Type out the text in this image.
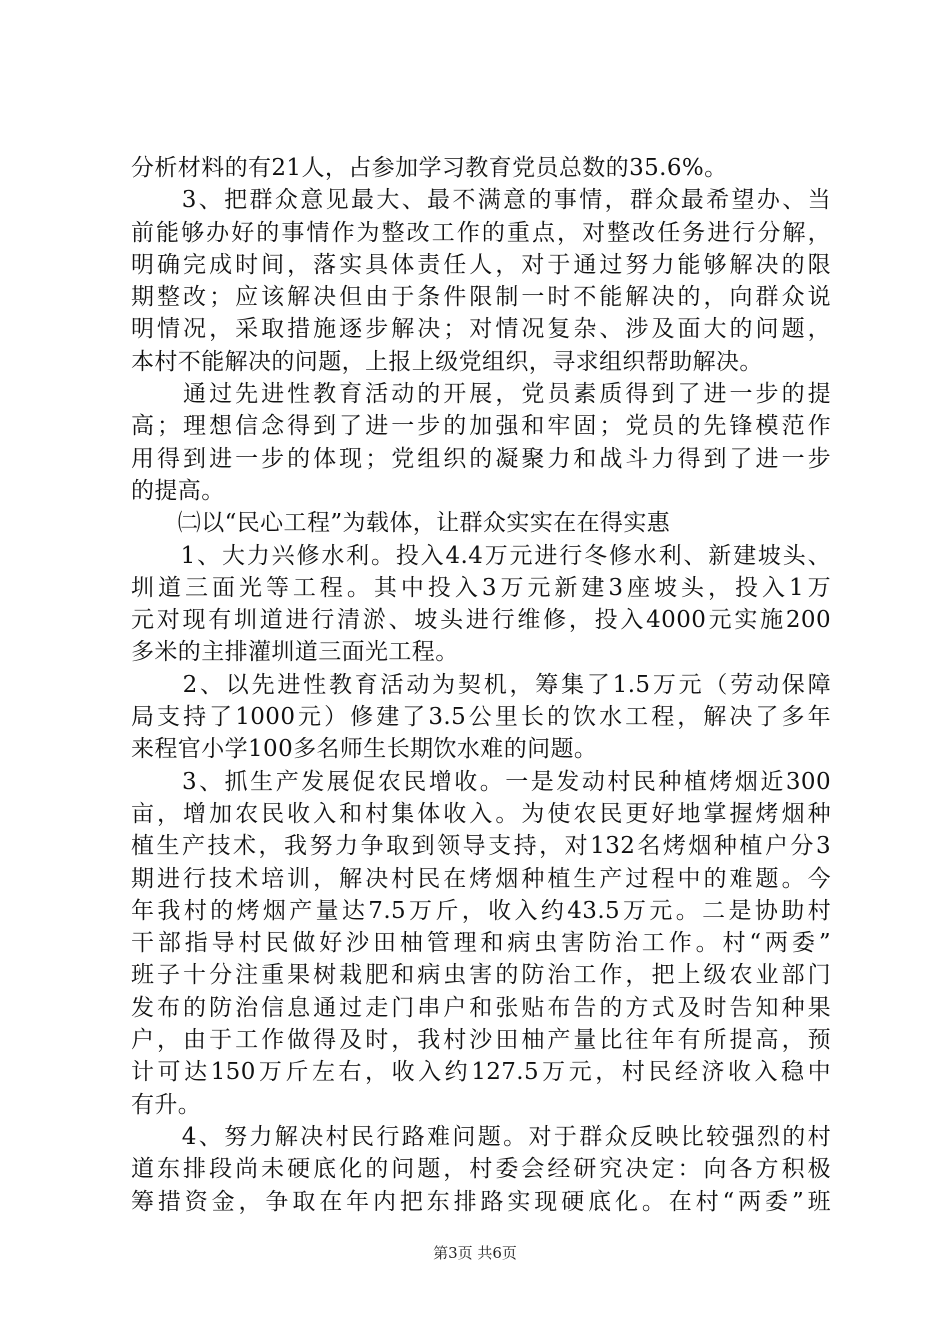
分析材料的有21人，占参加学习教育党员总数的35.6%。
　　3、把群众意见最大、最不满意的事情，群众最希望办、当
前能够办好的事情作为整改工作的重点，对整改任务进行分解，
明确完成时间，落实具体责任人，对于通过努力能够解决的限
期整改；应该解决但由于条件限制一时不能解决的，向群众说
明情况，采取措施逐步解决；对情况复杂、涉及面大的问题，
本村不能解决的问题，上报上级党组织，寻求组织帮助解决。
　　通过先进性教育活动的开展，党员素质得到了进一步的提
高；理想信念得到了进一步的加强和牢固；党员的先锋模范作
用得到进一步的体现；党组织的凝聚力和战斗力得到了进一步
的提高。
　　㈡以“民心工程”为载体，让群众实实在在得实惠
　　1、大力兴修水利。投入4.4万元进行冬修水利、新建坡头、
圳道三面光等工程。其中投入3万元新建3座坡头，投入1万
元对现有圳道进行清淤、坡头进行维修，投入4000元实施200
多米的主排灌圳道三面光工程。
　　2、以先进性教育活动为契机，筹集了1.5万元（劳动保障
局支持了1000元）修建了3.5公里长的饮水工程，解决了多年
来程官小学100多名师生长期饮水难的问题。
　　3、抓生产发展促农民增收。一是发动村民种植烤烟近300
亩，增加农民收入和村集体收入。为使农民更好地掌握烤烟种
植生产技术，我努力争取到领导支持，对132名烤烟种植户分3
期进行技术培训，解决村民在烤烟种植生产过程中的难题。今
年我村的烤烟产量达7.5万斤，收入约43.5万元。二是协助村
干部指导村民做好沙田柚管理和病虫害防治工作。村“两委”
班子十分注重果树栽肥和病虫害的防治工作，把上级农业部门
发布的防治信息通过走门串户和张贴布告的方式及时告知种果
户，由于工作做得及时，我村沙田柚产量比往年有所提高，预
计可达150万斤左右，收入约127.5万元，村民经济收入稳中
有升。
　　4、努力解决村民行路难问题。对于群众反映比较强烈的村
道东排段尚未硬底化的问题，村委会经研究决定：向各方积极
筹措资金，争取在年内把东排路实现硬底化。在村“两委”班
第3页 共6页
